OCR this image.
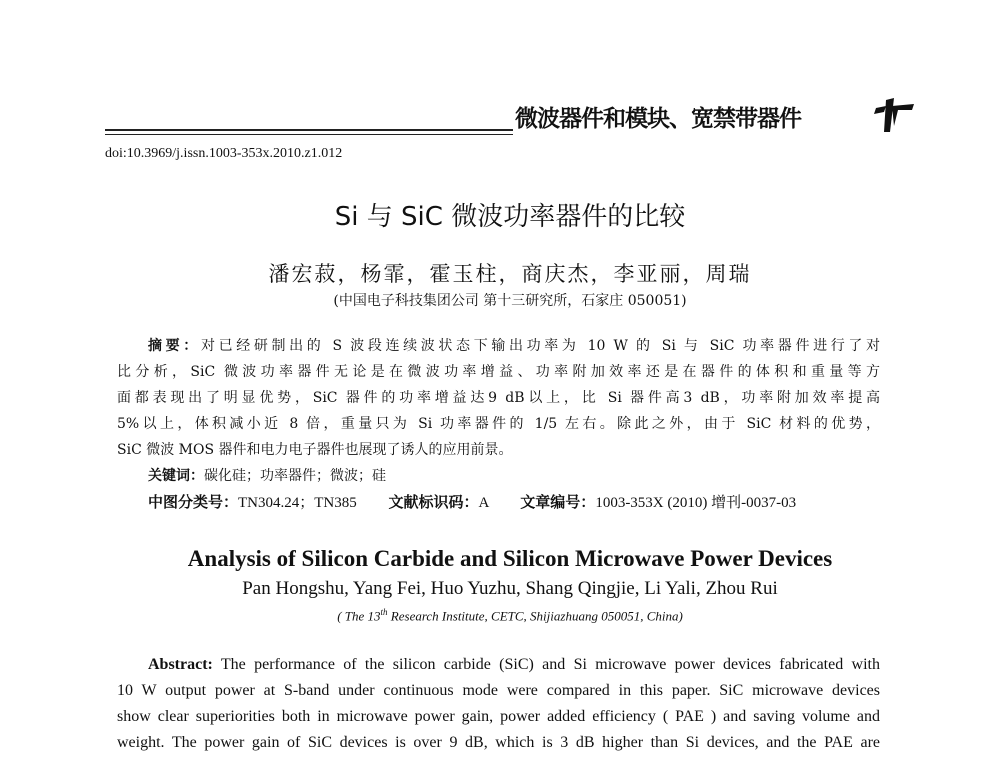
微波器件和模块、宽禁带器件
doi:10.3969/j.issn.1003-353x.2010.z1.012
Si 与 SiC 微波功率器件的比较
潘宏菽，杨霏，霍玉柱，商庆杰，李亚丽，周瑞
(中国电子科技集团公司 第十三研究所，石家庄 050051)
摘要：对已经研制出的 S 波段连续波状态下输出功率为 10 W 的 Si 与 SiC 功率器件进行了对
比分析，SiC 微波功率器件无论是在微波功率增益、功率附加效率还是在器件的体积和重量等方
面都表现出了明显优势，SiC 器件的功率增益达9 dB以上，比 Si 器件高3 dB，功率附加效率提高
5%以上，体积减小近 8 倍，重量只为 Si 功率器件的 1/5 左右。除此之外，由于 SiC 材料的优势，
SiC 微波 MOS 器件和电力电子器件也展现了诱人的应用前景。
关键词：碳化硅；功率器件；微波；硅
中图分类号：TN304.24；TN385 文献标识码：A 文章编号：1003-353X (2010) 增刊-0037-03
Analysis of Silicon Carbide and Silicon Microwave Power Devices
Pan Hongshu, Yang Fei, Huo Yuzhu, Shang Qingjie, Li Yali, Zhou Rui
( The 13th Research Institute, CETC, Shijiazhuang 050051, China)
Abstract: The performance of the silicon carbide (SiC) and Si microwave power devices fabricated with
10 W output power at S-band under continuous mode were compared in this paper. SiC microwave devices
show clear superiorities both in microwave power gain, power added efficiency ( PAE ) and saving volume and
weight. The power gain of SiC devices is over 9 dB, which is 3 dB higher than Si devices, and the PAE are
